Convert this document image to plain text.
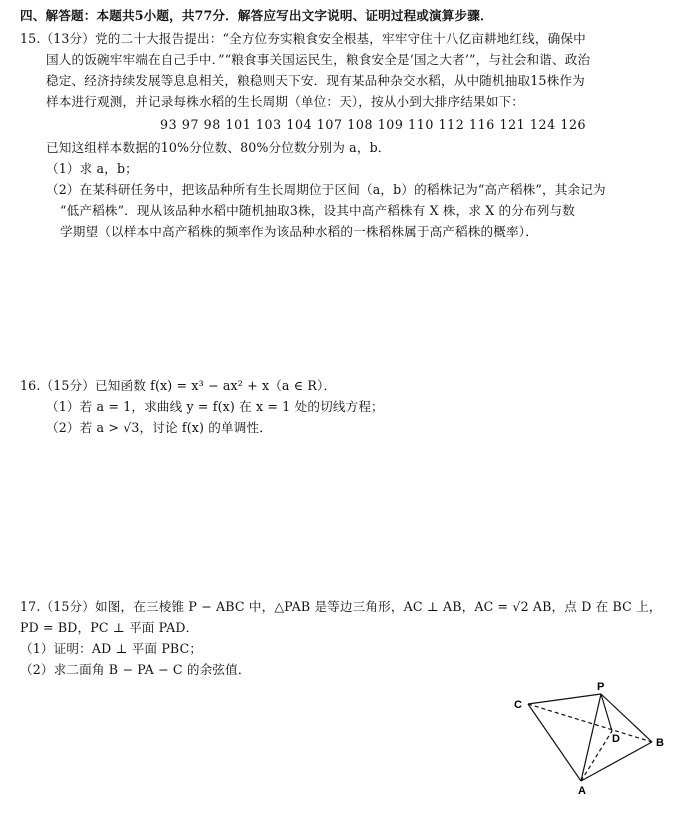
四、解答题：本题共5小题，共77分．解答应写出文字说明、证明过程或演算步骤．
15.（13分）党的二十大报告提出：“全方位夯实粮食安全根基，牢牢守住十八亿亩耕地红线，确保中
国人的饭碗牢牢端在自己手中．”“粮食事关国运民生，粮食安全是‘国之大者’”，与社会和谐、政治
稳定、经济持续发展等息息相关，粮稳则天下安．现有某品种杂交水稻，从中随机抽取15株作为
样本进行观测，并记录每株水稻的生长周期（单位：天），按从小到大排序结果如下：
93 97 98 101 103 104 107 108 109 110 112 116 121 124 126
已知这组样本数据的10%分位数、80%分位数分别为 a，b．
（1）求 a，b；
（2）在某科研任务中，把该品种所有生长周期位于区间（a，b）的稻株记为“高产稻株”，其余记为
“低产稻株”．现从该品种水稻中随机抽取3株，设其中高产稻株有 X 株，求 X 的分布列与数
学期望（以样本中高产稻株的频率作为该品种水稻的一株稻株属于高产稻株的概率）．
16.（15分）已知函数 f(x) = x³ − ax² + x（a ∈ R）．
（1）若 a = 1，求曲线 y = f(x) 在 x = 1 处的切线方程；
（2）若 a > √3，讨论 f(x) 的单调性．
17.（15分）如图，在三棱锥 P − ABC 中，△PAB 是等边三角形，AC ⊥ AB，AC = √2 AB，点 D 在 BC 上，
PD = BD，PC ⊥ 平面 PAD．
（1）证明：AD ⊥ 平面 PBC；
（2）求二面角 B − PA − C 的余弦值．
C
P
D	B
A
